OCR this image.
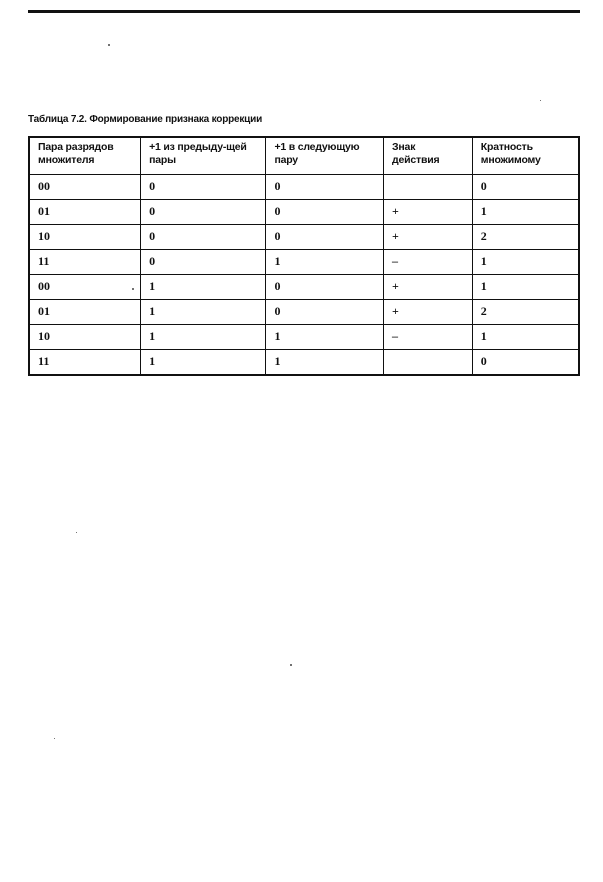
Таблица 7.2. Формирование признака коррекции
Пара разрядов множителя	+1 из предыду-щей пары	+1 в следующую пару	Знак действия	Кратность множимому
00	0	0		0
01	0	0	+	1
10	0	0	+	2
11	0	1	–	1
00	1	0	+	1
01	1	0	+	2
10	1	1	–	1
11	1	1		0
